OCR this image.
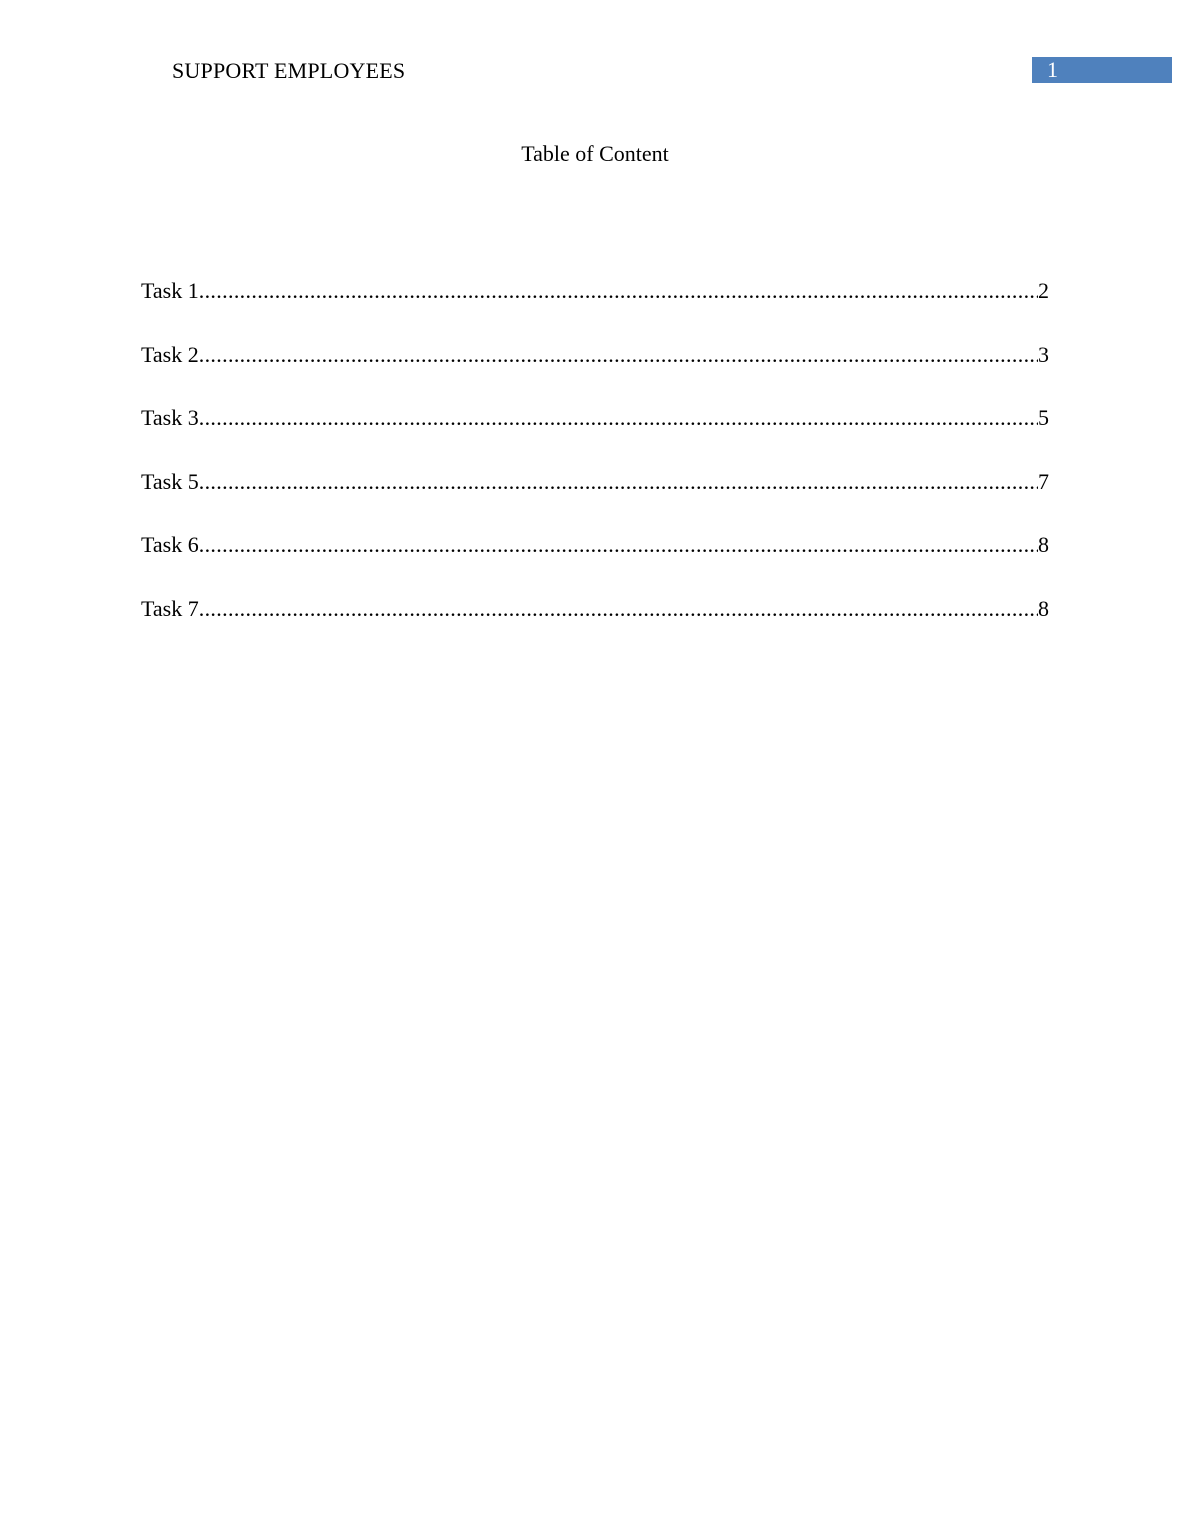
SUPPORT EMPLOYEES	1
Table of Content
Task 1 .....	2
Task 2 .....	3
Task 3 .....	5
Task 5 .....	7
Task 6 .....	8
Task 7 .....	8
